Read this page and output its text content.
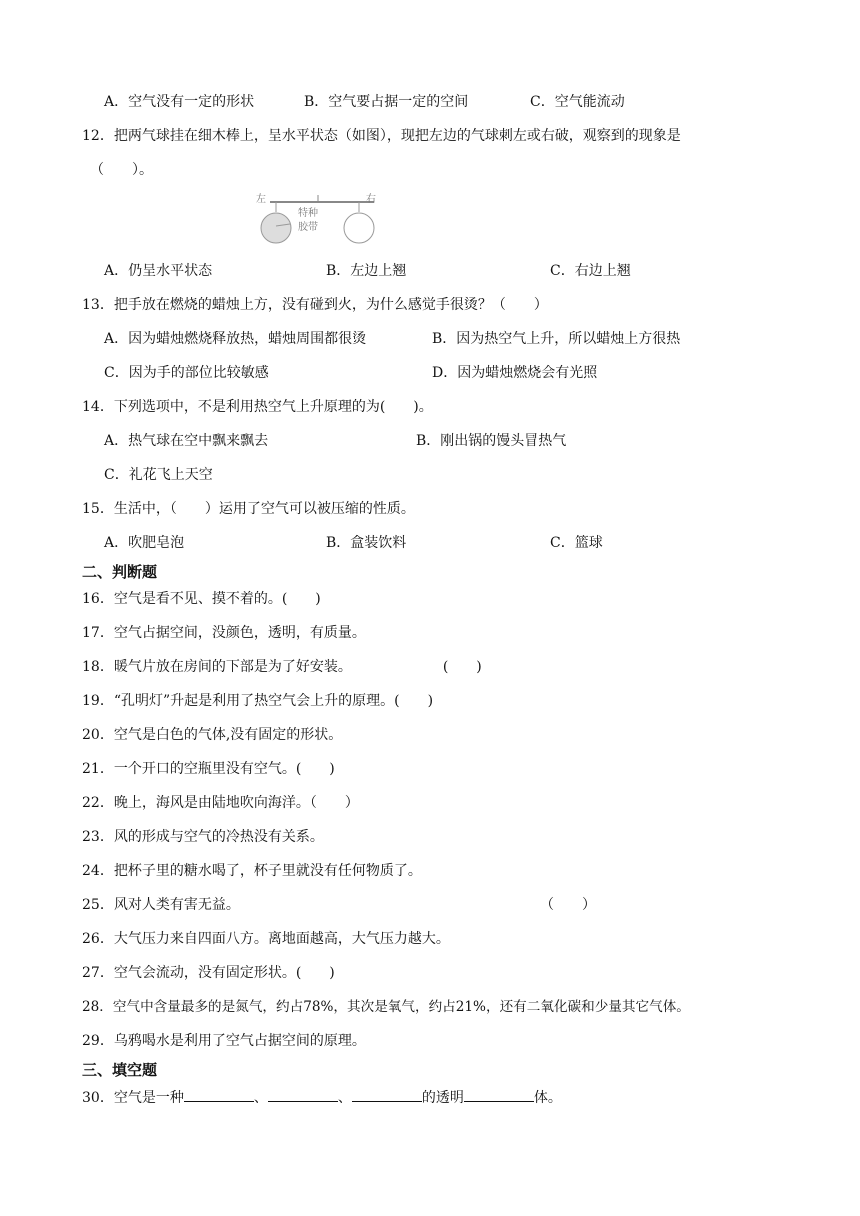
A．空气没有一定的形状	B．空气要占据一定的空间	C．空气能流动
12．把两气球挂在细木棒上，呈水平状态（如图），现把左边的气球刺左或右破，观察到的现象是
（　　）。
左	右
特种
胶带
A．仍呈水平状态	B．左边上翘	C．右边上翘
13．把手放在燃烧的蜡烛上方，没有碰到火，为什么感觉手很烫？（　　）
A．因为蜡烛燃烧释放热，蜡烛周围都很烫	B．因为热空气上升，所以蜡烛上方很热
C．因为手的部位比较敏感	D．因为蜡烛燃烧会有光照
14．下列选项中，不是利用热空气上升原理的为(　　)。
A．热气球在空中飘来飘去	B．刚出锅的馒头冒热气
C．礼花飞上天空
15．生活中，（　　）运用了空气可以被压缩的性质。
A．吹肥皂泡	B．盒装饮料	C．篮球
二、判断题
16．空气是看不见、摸不着的。(　　)
17．空气占据空间，没颜色，透明，有质量。
18．暖气片放在房间的下部是为了好安装。　　　　　　　(　　)
19．“孔明灯”升起是利用了热空气会上升的原理。(　　)
20．空气是白色的气体,没有固定的形状。
21．一个开口的空瓶里没有空气。(　　)
22．晚上，海风是由陆地吹向海洋。（　　）
23．风的形成与空气的冷热没有关系。
24．把杯子里的糖水喝了，杯子里就没有任何物质了。
25．风对人类有害无益。	（　　）
26．大气压力来自四面八方。离地面越高，大气压力越大。
27．空气会流动，没有固定形状。(　　)
28．空气中含量最多的是氮气，约占78%，其次是氧气，约占21%，还有二氧化碳和少量其它气体。
29．乌鸦喝水是利用了空气占据空间的原理。
三、填空题
30．空气是一种	、	、	的透明	体。
